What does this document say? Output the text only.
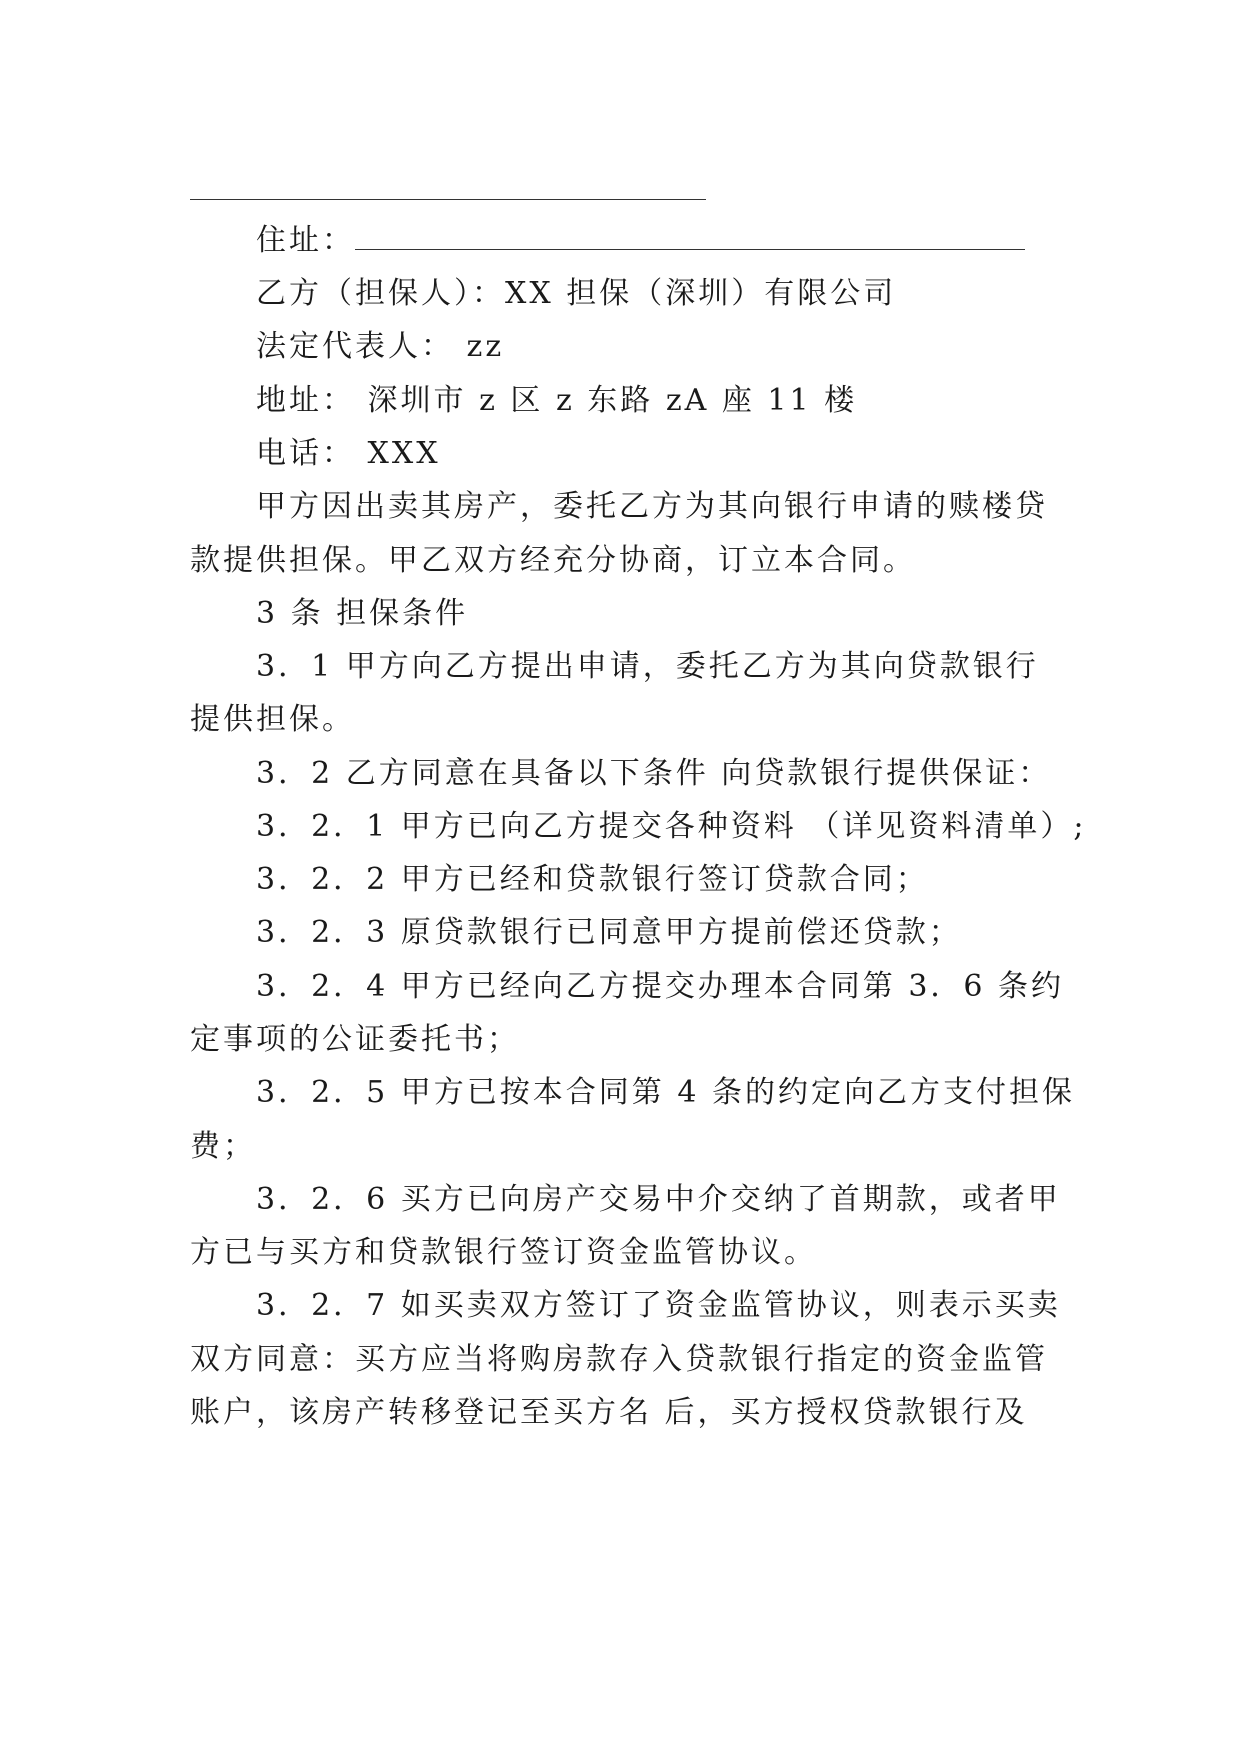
住址：
乙方（担保人）：XX 担保（深圳）有限公司
法定代表人： zz
地址： 深圳市 z 区 z 东路 zA 座 11 楼
电话： XXX
甲方因出卖其房产，委托乙方为其向银行申请的赎楼贷
款提供担保。甲乙双方经充分协商，订立本合同。
3 条 担保条件
3．1 甲方向乙方提出申请，委托乙方为其向贷款银行
提供担保。
3．2 乙方同意在具备以下条件 向贷款银行提供保证：
3．2．1 甲方已向乙方提交各种资料 （详见资料清单）;
3．2．2 甲方已经和贷款银行签订贷款合同；
3．2．3 原贷款银行已同意甲方提前偿还贷款；
3．2．4 甲方已经向乙方提交办理本合同第 3．6 条约
定事项的公证委托书；
3．2．5 甲方已按本合同第 4 条的约定向乙方支付担保
费；
3．2．6 买方已向房产交易中介交纳了首期款，或者甲
方已与买方和贷款银行签订资金监管协议。
3．2．7 如买卖双方签订了资金监管协议，则表示买卖
双方同意：买方应当将购房款存入贷款银行指定的资金监管
账户，该房产转移登记至买方名 后，买方授权贷款银行及
